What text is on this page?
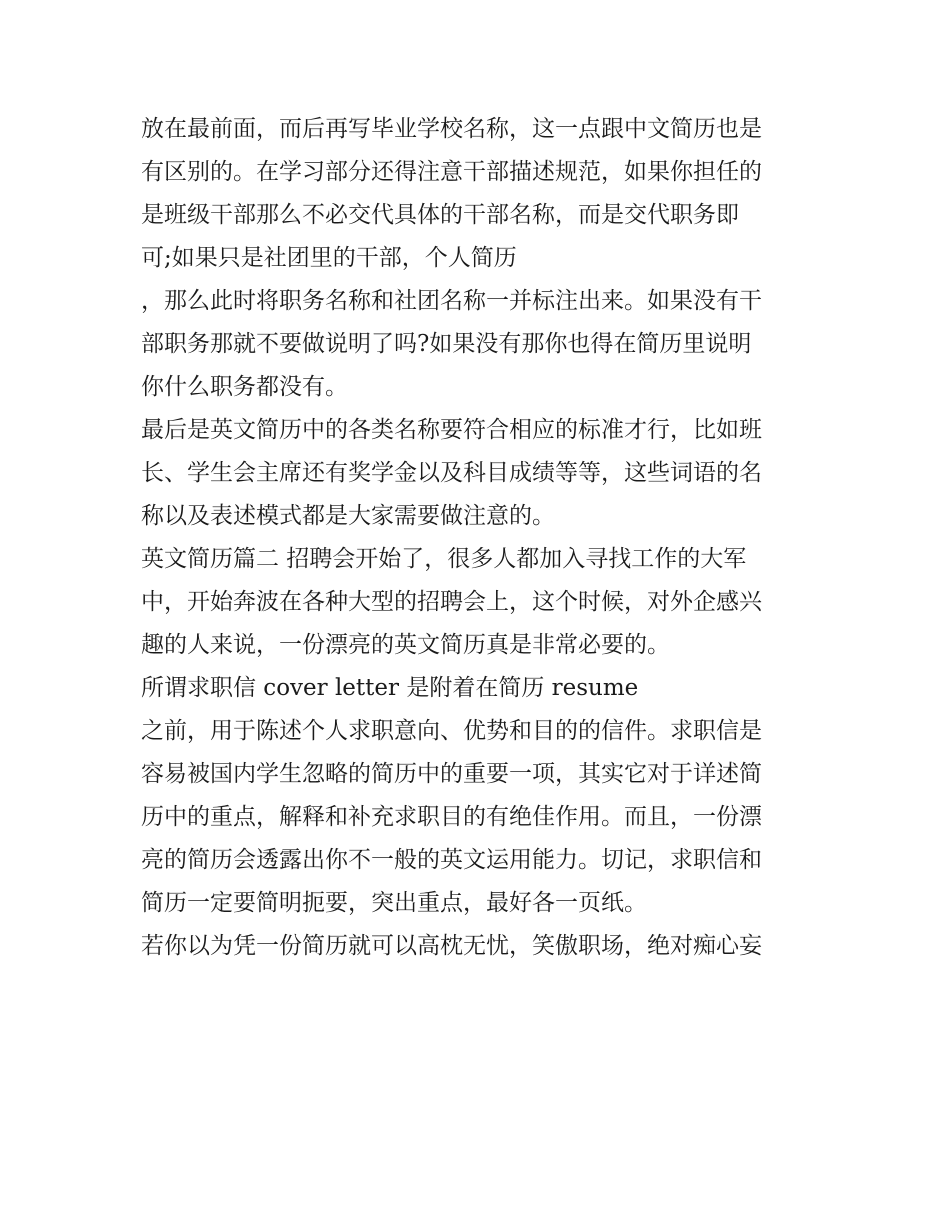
放在最前面，而后再写毕业学校名称，这一点跟中文简历也是
有区别的。在学习部分还得注意干部描述规范，如果你担任的
是班级干部那么不必交代具体的干部名称，而是交代职务即
可;如果只是社团里的干部，个人简历
，那么此时将职务名称和社团名称一并标注出来。如果没有干
部职务那就不要做说明了吗?如果没有那你也得在简历里说明
你什么职务都没有。
最后是英文简历中的各类名称要符合相应的标准才行，比如班
长、学生会主席还有奖学金以及科目成绩等等，这些词语的名
称以及表述模式都是大家需要做注意的。
英文简历篇二 招聘会开始了，很多人都加入寻找工作的大军
中，开始奔波在各种大型的招聘会上，这个时候，对外企感兴
趣的人来说，一份漂亮的英文简历真是非常必要的。
所谓求职信 cover letter 是附着在简历 resume
之前，用于陈述个人求职意向、优势和目的的信件。求职信是
容易被国内学生忽略的简历中的重要一项，其实它对于详述简
历中的重点，解释和补充求职目的有绝佳作用。而且，一份漂
亮的简历会透露出你不一般的英文运用能力。切记，求职信和
简历一定要简明扼要，突出重点，最好各一页纸。
若你以为凭一份简历就可以高枕无忧，笑傲职场，绝对痴心妄
